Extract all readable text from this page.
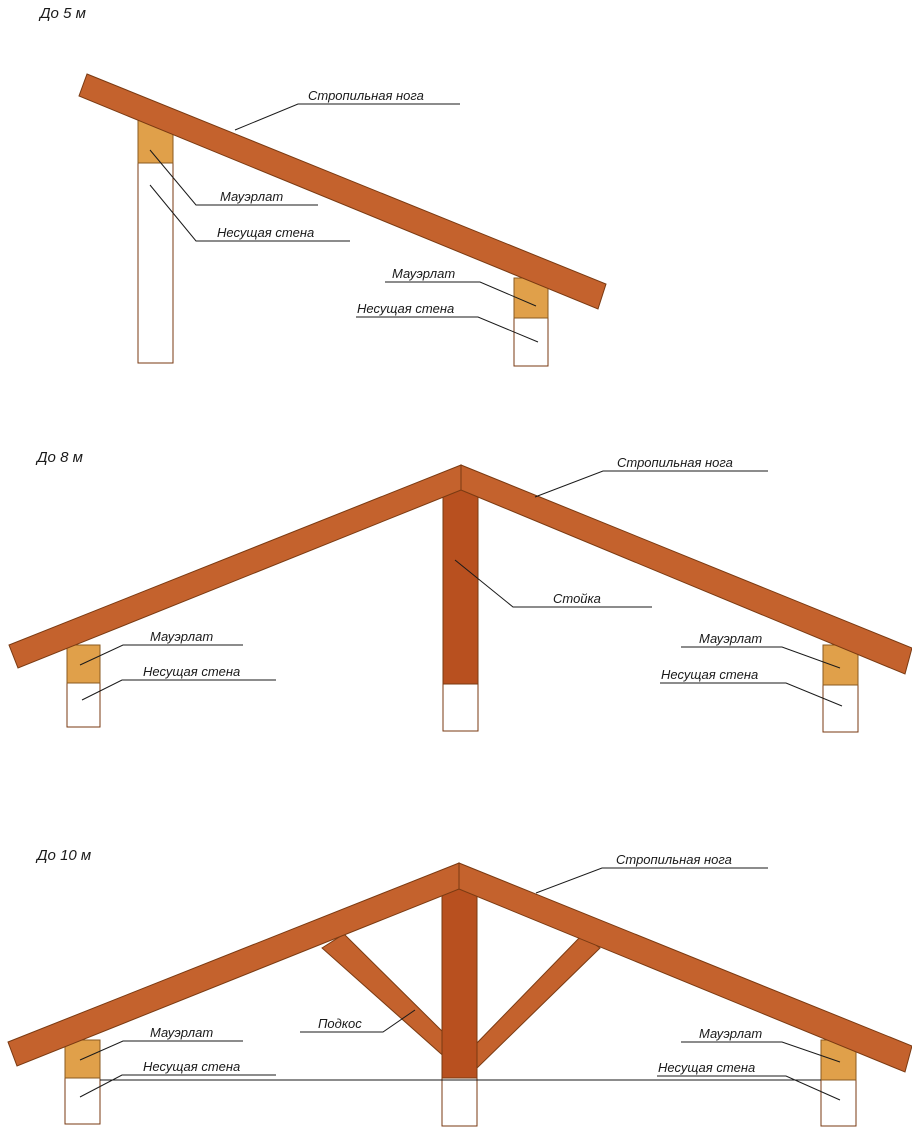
До 5 м
Стропильная нога
Мауэрлат
Несущая стена
Мауэрлат
Несущая стена
До 8 м	Стропильная нога
Стойка
Мауэрлат
Несущая стена
Мауэрлат
Несущая стена
До 10 м	Стропильная нога
Подкос
Мауэрлат
Несущая стена
Мауэрлат
Несущая стена
